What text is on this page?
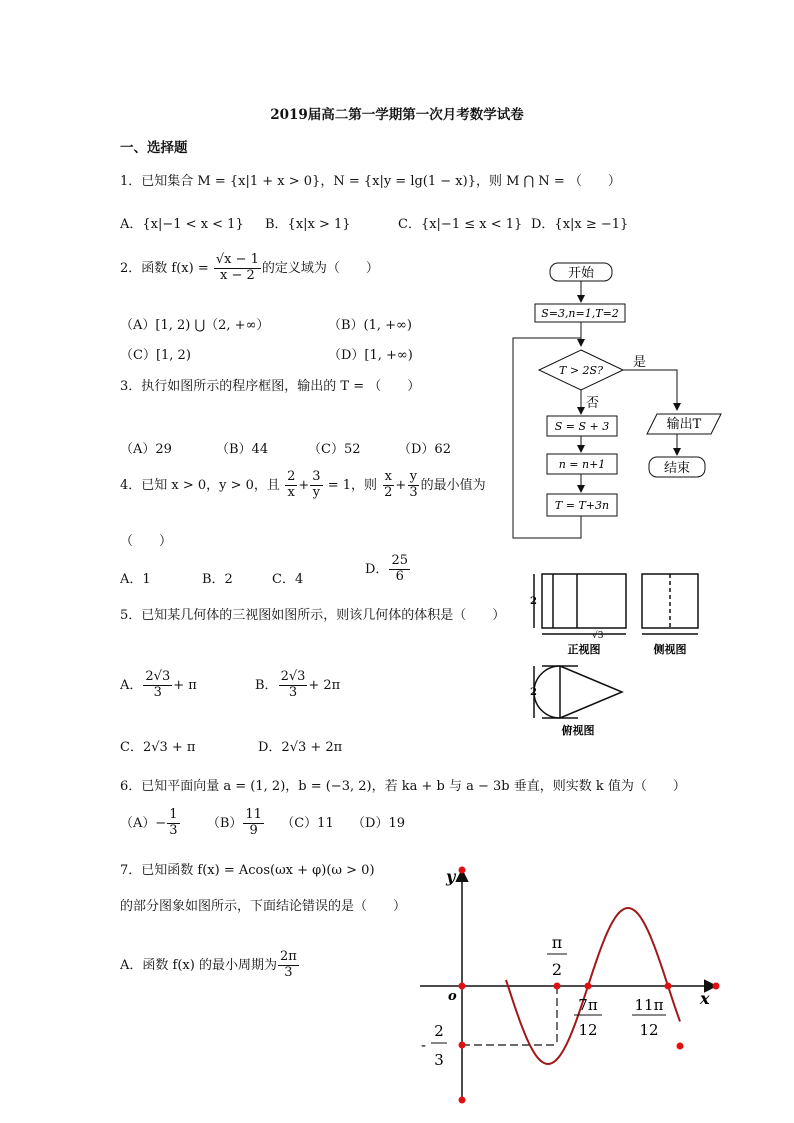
2019届高二第一学期第一次月考数学试卷
一、选择题
1．已知集合 M = {x|1 + x > 0}，N = {x|y = lg(1 − x)}，则 M ⋂ N = （　　）
A．{x|−1 < x < 1} B．{x|x > 1}	C．{x|−1 ≤ x < 1} D．{x|x ≥ −1}
2．函数 $f(x) = \frac{√x - 1}{x - 2}$ 的定义域为（　　）
（A）[1, 2) ⋃（2, +∞）	（B）(1, +∞)
（C）[1, 2)	（D）[1, +∞)
3．执行如图所示的程序框图，输出的 T = （　　）
（A）29	（B）44	（C）52	（D）62
开始
S=3,n=1,T=2
T > 2S?
是
否
S = S + 3
n = n+1
T = T+3n
输出T
结束
4．已知 x > 0，y > 0，且 $\frac{2}{x} + \frac{3}{y} = 1$，则 $\frac{x}{2} + \frac{y}{3}$ 的最小值为
（　　）
A．1	B．2	C．4
D． $\frac{25}{6}$
5．已知某几何体的三视图如图所示，则该几何体的体积是（　　）
A． $\frac{2√3}{3} + \pi$	B． $\frac{2√3}{3} + 2\pi$
C．2√3 + π	D．2√3 + 2π
2
√3
2
正视图	侧视图
俯视图
6．已知平面向量 a = (1, 2)，b = (−3, 2)，若 ka + b 与 a − 3b 垂直，则实数 k 值为（　　）
$(A)- \frac{1}{3} (B) \frac{11}{9} (C)11$ （D）19
7．已知函数 f(x) = Acos(ωx + φ)(ω > 0)
的部分图象如图所示，下面结论错误的是（　　）
A．函数 f(x) 的最小周期为 $\frac{2\pi}{3}$
y
x
o
π
2
7π
12
11π
12
-
2
3
